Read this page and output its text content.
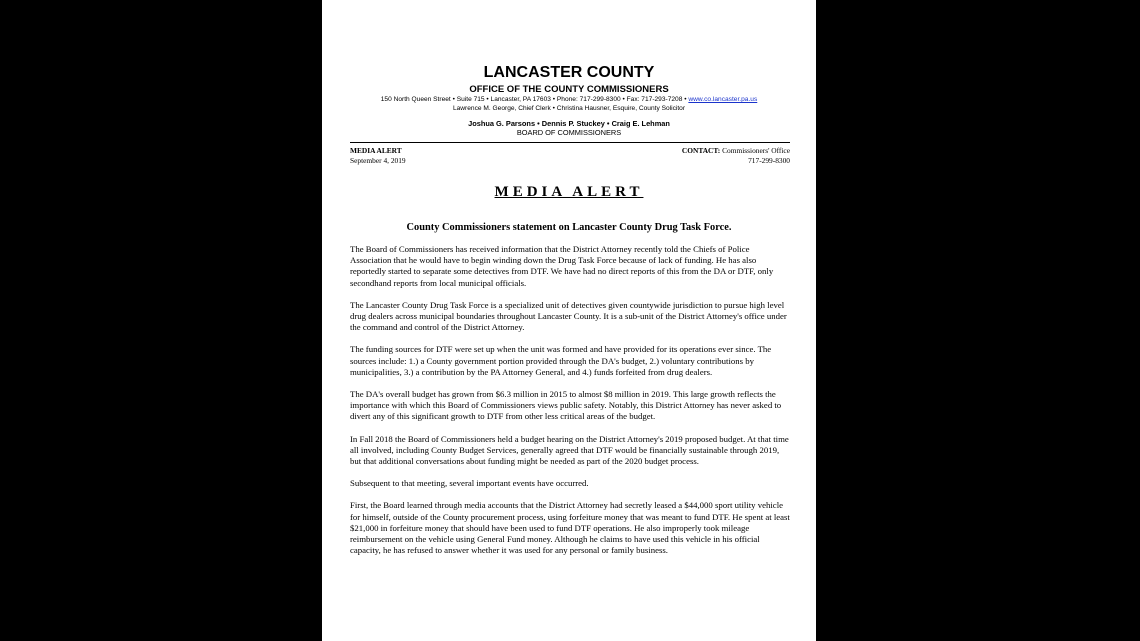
LANCASTER COUNTY
OFFICE OF THE COUNTY COMMISSIONERS
150 North Queen Street • Suite 715 • Lancaster, PA 17603 • Phone: 717-299-8300 • Fax: 717-293-7208 • www.co.lancaster.pa.us
Lawrence M. George, Chief Clerk • Christina Hausner, Esquire, County Solicitor
Joshua G. Parsons • Dennis P. Stuckey • Craig E. Lehman
BOARD OF COMMISSIONERS
MEDIA ALERT
September 4, 2019
CONTACT: Commissioners' Office
717-299-8300
MEDIA ALERT
County Commissioners statement on Lancaster County Drug Task Force.

The Board of Commissioners has received information that the District Attorney recently told the Chiefs of Police Association that he would have to begin winding down the Drug Task Force because of lack of funding. He has also reportedly started to separate some detectives from DTF. We have had no direct reports of this from the DA or DTF, only secondhand reports from local municipal officials.

The Lancaster County Drug Task Force is a specialized unit of detectives given countywide jurisdiction to pursue high level drug dealers across municipal boundaries throughout Lancaster County. It is a sub-unit of the District Attorney's office under the command and control of the District Attorney.

The funding sources for DTF were set up when the unit was formed and have provided for its operations ever since. The sources include: 1.) a County government portion provided through the DA's budget, 2.) voluntary contributions by municipalities, 3.) a contribution by the PA Attorney General, and 4.) funds forfeited from drug dealers.

The DA's overall budget has grown from $6.3 million in 2015 to almost $8 million in 2019. This large growth reflects the importance with which this Board of Commissioners views public safety. Notably, this District Attorney has never asked to divert any of this significant growth to DTF from other less critical areas of the budget.

In Fall 2018 the Board of Commissioners held a budget hearing on the District Attorney's 2019 proposed budget. At that time all involved, including County Budget Services, generally agreed that DTF would be financially sustainable through 2019, but that additional conversations about funding might be needed as part of the 2020 budget process.

Subsequent to that meeting, several important events have occurred.

First, the Board learned through media accounts that the District Attorney had secretly leased a $44,000 sport utility vehicle for himself, outside of the County procurement process, using forfeiture money that was meant to fund DTF. He spent at least $21,000 in forfeiture money that should have been used to fund DTF operations. He also improperly took mileage reimbursement on the vehicle using General Fund money. Although he claims to have used this vehicle in his official capacity, he has refused to answer whether it was used for any personal or family business.
